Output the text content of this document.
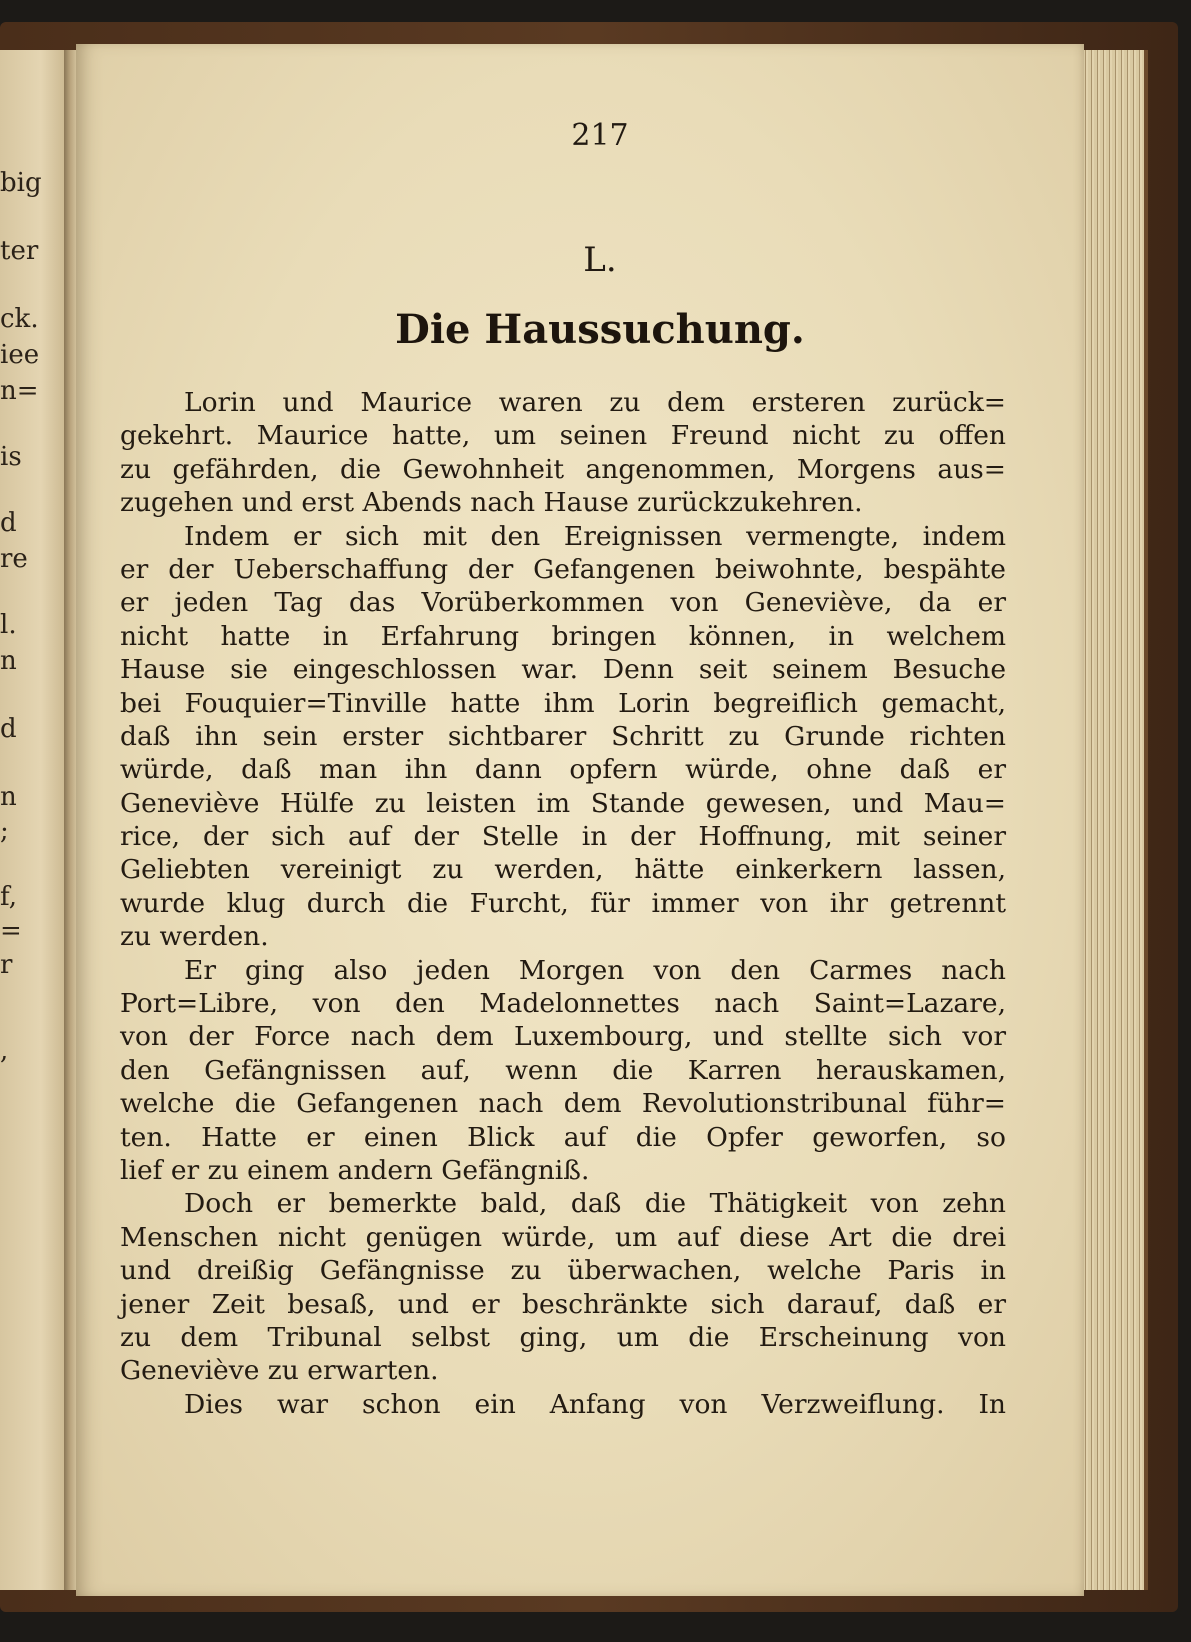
big
ter
ck.
iee
n=
is
d
re
l.
n
d
n
;
f,
=
r
,
217
L.
Die Haussuchung.
Lorin und Maurice waren zu dem ersteren zurück=
gekehrt. Maurice hatte, um seinen Freund nicht zu offen
zu gefährden, die Gewohnheit angenommen, Morgens aus=
zugehen und erst Abends nach Hause zurückzukehren.
Indem er sich mit den Ereignissen vermengte, indem
er der Ueberschaffung der Gefangenen beiwohnte, bespähte
er jeden Tag das Vorüberkommen von Geneviève, da er
nicht hatte in Erfahrung bringen können, in welchem
Hause sie eingeschlossen war. Denn seit seinem Besuche
bei Fouquier=Tinville hatte ihm Lorin begreiflich gemacht,
daß ihn sein erster sichtbarer Schritt zu Grunde richten
würde, daß man ihn dann opfern würde, ohne daß er
Geneviève Hülfe zu leisten im Stande gewesen, und Mau=
rice, der sich auf der Stelle in der Hoffnung, mit seiner
Geliebten vereinigt zu werden, hätte einkerkern lassen,
wurde klug durch die Furcht, für immer von ihr getrennt
zu werden.
Er ging also jeden Morgen von den Carmes nach
Port=Libre, von den Madelonnettes nach Saint=Lazare,
von der Force nach dem Luxembourg, und stellte sich vor
den Gefängnissen auf, wenn die Karren herauskamen,
welche die Gefangenen nach dem Revolutionstribunal führ=
ten. Hatte er einen Blick auf die Opfer geworfen, so
lief er zu einem andern Gefängniß.
Doch er bemerkte bald, daß die Thätigkeit von zehn
Menschen nicht genügen würde, um auf diese Art die drei
und dreißig Gefängnisse zu überwachen, welche Paris in
jener Zeit besaß, und er beschränkte sich darauf, daß er
zu dem Tribunal selbst ging, um die Erscheinung von
Geneviève zu erwarten.
Dies war schon ein Anfang von Verzweiflung. In
